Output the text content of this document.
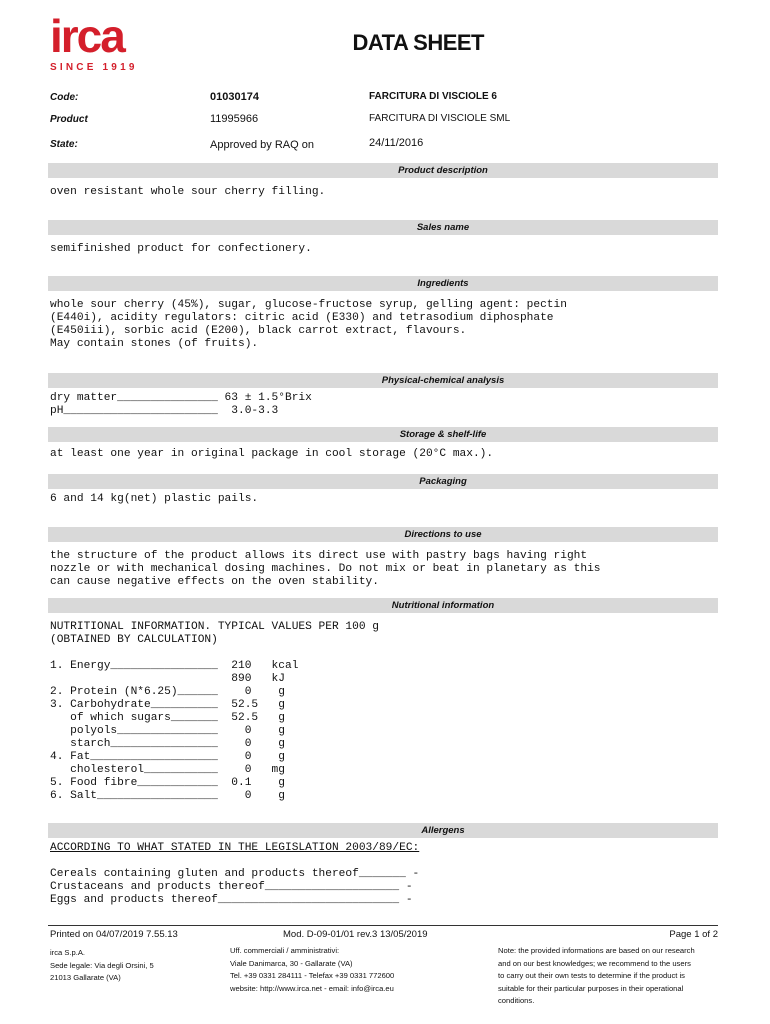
irca
SINCE 1919
DATA SHEET
Code:	01030174	FARCITURA DI VISCIOLE 6
Product	11995966	FARCITURA DI VISCIOLE SML
State:	Approved by RAQ on	24/11/2016
Product description
oven resistant whole sour cherry filling.
Sales name
semifinished product for confectionery.
Ingredients
whole sour cherry (45%), sugar, glucose-fructose syrup, gelling agent: pectin
(E440i), acidity regulators: citric acid (E330) and tetrasodium diphosphate
(E450iii), sorbic acid (E200), black carrot extract, flavours.
May contain stones (of fruits).
Physical-chemical analysis
dry matter_______________ 63 ± 1.5°Brix
pH_______________________  3.0-3.3
Storage & shelf-life
at least one year in original package in cool storage (20°C max.).
Packaging
6 and 14 kg(net) plastic pails.
Directions to use
the structure of the product allows its direct use with pastry bags having right
nozzle or with mechanical dosing machines. Do not mix or beat in planetary as this
can cause negative effects on the oven stability.
Nutritional information
NUTRITIONAL INFORMATION. TYPICAL VALUES PER 100 g
(OBTAINED BY CALCULATION)

1. Energy________________  210   kcal
890   kJ
2. Protein (N*6.25)______    0    g
3. Carbohydrate__________  52.5   g
of which sugars_______  52.5   g
polyols_______________    0    g
starch________________    0    g
4. Fat___________________    0    g
cholesterol___________    0   mg
5. Food fibre____________  0.1    g
6. Salt__________________    0    g
Allergens
ACCORDING TO WHAT STATED IN THE LEGISLATION 2003/89/EC:
Cereals containing gluten and products thereof_______ -
Crustaceans and products thereof____________________ -
Eggs and products thereof___________________________ -
Printed on 04/07/2019 7.55.13	Mod. D-09-01/01 rev.3 13/05/2019	Page 1 of 2
irca S.p.A.
Sede legale: Via degli Orsini, 5
21013 Gallarate (VA)
Uff. commerciali / amministrativi:
Viale Danimarca, 30 - Gallarate (VA)
Tel. +39 0331 284111 - Telefax +39 0331 772600
website: http://www.irca.net - email: info@irca.eu
Note: the provided informations are based on our research
and on our best knowledges; we recommend to the users
to carry out their own tests to determine if the product is
suitable for their particular purposes in their operational
conditions.
